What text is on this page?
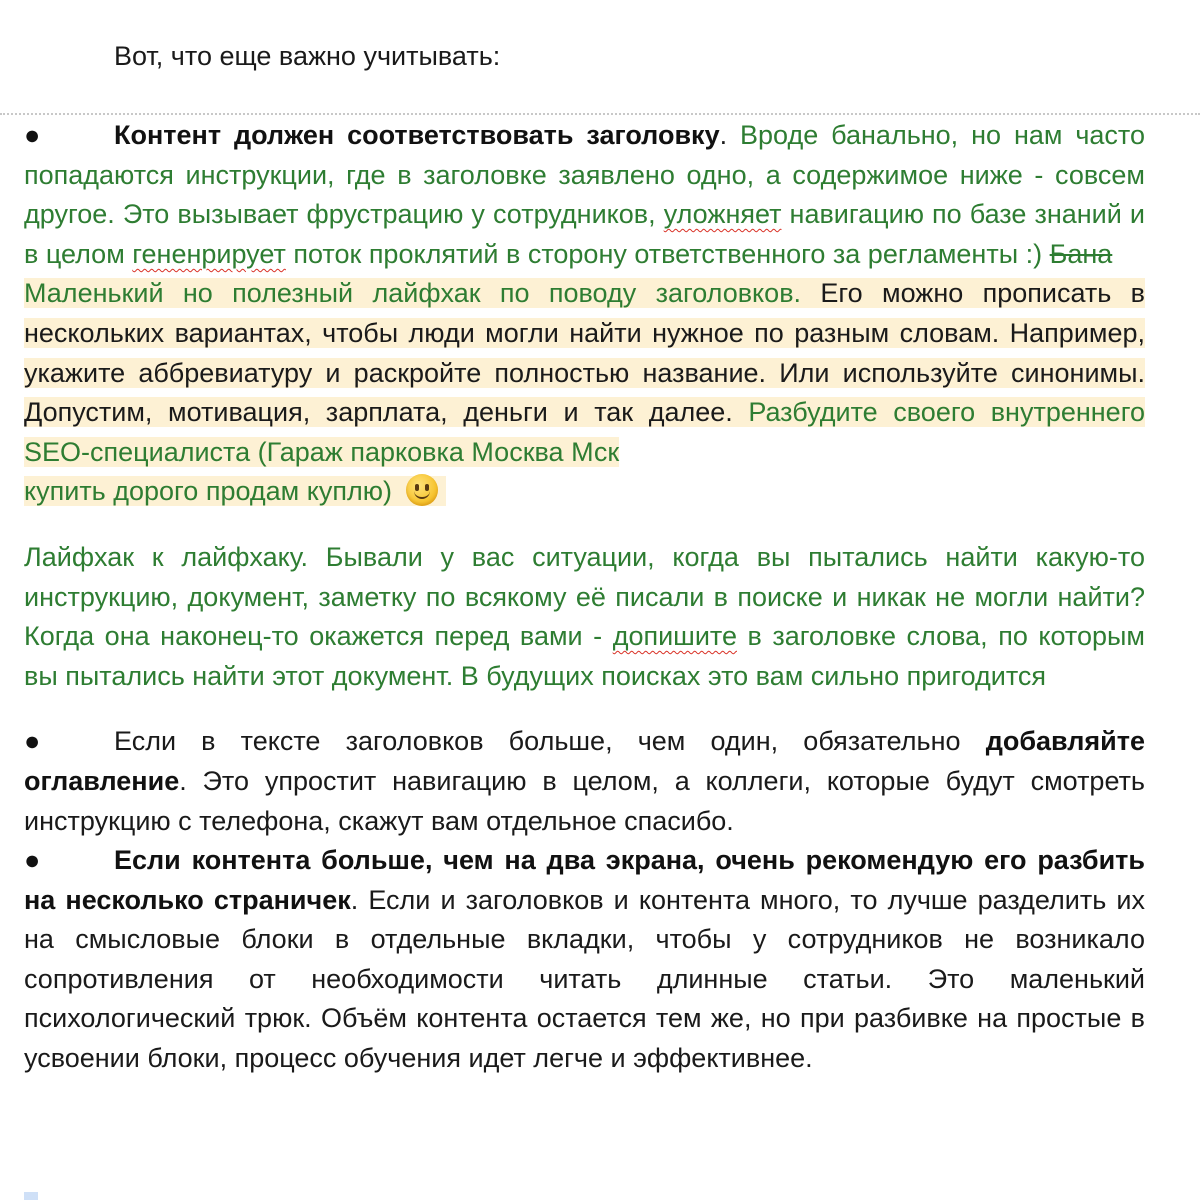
Вот, что еще важно учитывать:

●	Контент должен соответствовать заголовку. Вроде банально, но нам часто попадаются инструкции, где в заголовке заявлено одно, а содержимое ниже - совсем другое. Это вызывает фрустрацию у сотрудников, уложняет навигацию по базе знаний и в целом гененрирует поток проклятий в сторону ответственного за регламенты :) Бана

Маленький но полезный лайфхак по поводу заголовков. Его можно прописать в нескольких вариантах, чтобы люди могли найти нужное по разным словам. Например, укажите аббревиатуру и раскройте полностью название. Или используйте синонимы. Допустим, мотивация, зарплата, деньги и так далее. Разбудите своего внутреннего SEO-специалиста (Гараж парковка Москва Мск

купить дорого продам куплю)

Лайфхак к лайфхаку. Бывали у вас ситуации, когда вы пытались найти какую-то инструкцию, документ, заметку по всякому её писали в поиске и никак не могли найти? Когда она наконец-то окажется перед вами - допишите в заголовке слова, по которым вы пытались найти этот документ. В будущих поисках это вам сильно пригодится

●	Если в тексте заголовков больше, чем один, обязательно добавляйте оглавление. Это упростит навигацию в целом, а коллеги, которые будут смотреть инструкцию с телефона, скажут вам отдельное спасибо.

●	Если контента больше, чем на два экрана, очень рекомендую его разбить на несколько страничек. Если и заголовков и контента много, то лучше разделить их на смысловые блоки в отдельные вкладки, чтобы у сотрудников не возникало сопротивления от необходимости читать длинные статьи. Это маленький психологический трюк. Объём контента остается тем же, но при разбивке на простые в усвоении блоки, процесс обучения идет легче и эффективнее.
